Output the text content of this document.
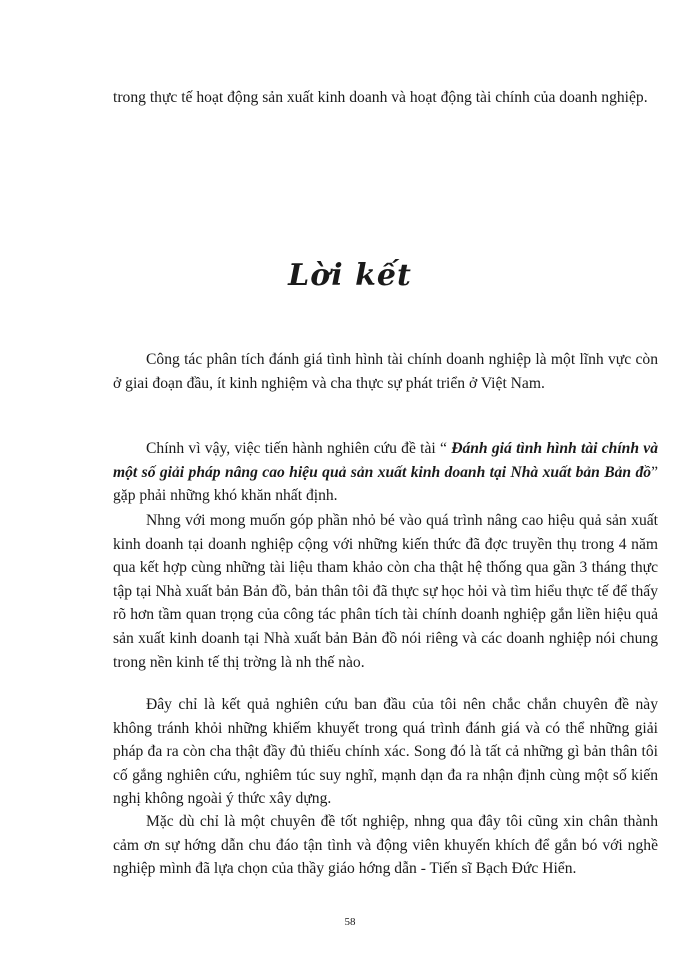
trong thực tế hoạt động sản xuất kinh doanh và hoạt động tài chính của doanh nghiệp.

Lời kết

Công tác phân tích đánh giá tình hình tài chính doanh nghiệp là một lĩnh vực còn ở giai đoạn đầu, ít kinh nghiệm và cha thực sự phát triển ở Việt Nam.

Chính vì vậy, việc tiến hành nghiên cứu đề tài “ Đánh giá tình hình tài chính và một số giải pháp nâng cao hiệu quả sản xuất kinh doanh tại Nhà xuất bản Bản đồ” gặp phải những khó khăn nhất định.

Nhng với mong muốn góp phần nhỏ bé vào quá trình nâng cao hiệu quả sản xuất kinh doanh tại doanh nghiệp cộng với những kiến thức đã đợc truyền thụ trong 4 năm qua kết hợp cùng những tài liệu tham khảo còn cha thật hệ thống qua gần 3 tháng thực tập tại Nhà xuất bản Bản đồ, bản thân tôi đã thực sự học hỏi và tìm hiểu thực tế để thấy rõ hơn tầm quan trọng của công tác phân tích tài chính doanh nghiệp gắn liền hiệu quả sản xuất kinh doanh tại Nhà xuất bản Bản đồ nói riêng và các doanh nghiệp nói chung trong nền kinh tế thị trờng là nh thế nào.

Đây chỉ là kết quả nghiên cứu ban đầu của tôi nên chắc chắn chuyên đề này không tránh khỏi những khiếm khuyết trong quá trình đánh giá và có thể những giải pháp đa ra còn cha thật đầy đủ thiếu chính xác. Song đó là tất cả những gì bản thân tôi cố gắng nghiên cứu, nghiêm túc suy nghĩ, mạnh dạn đa ra nhận định cùng một số kiến nghị không ngoài ý thức xây dựng.

Mặc dù chỉ là một chuyên đề tốt nghiệp, nhng qua đây tôi cũng xin chân thành cảm ơn sự hớng dẫn chu đáo tận tình và động viên khuyến khích để gắn bó với nghề nghiệp mình đã lựa chọn của thầy giáo hớng dẫn - Tiến sĩ Bạch Đức Hiển.

58
